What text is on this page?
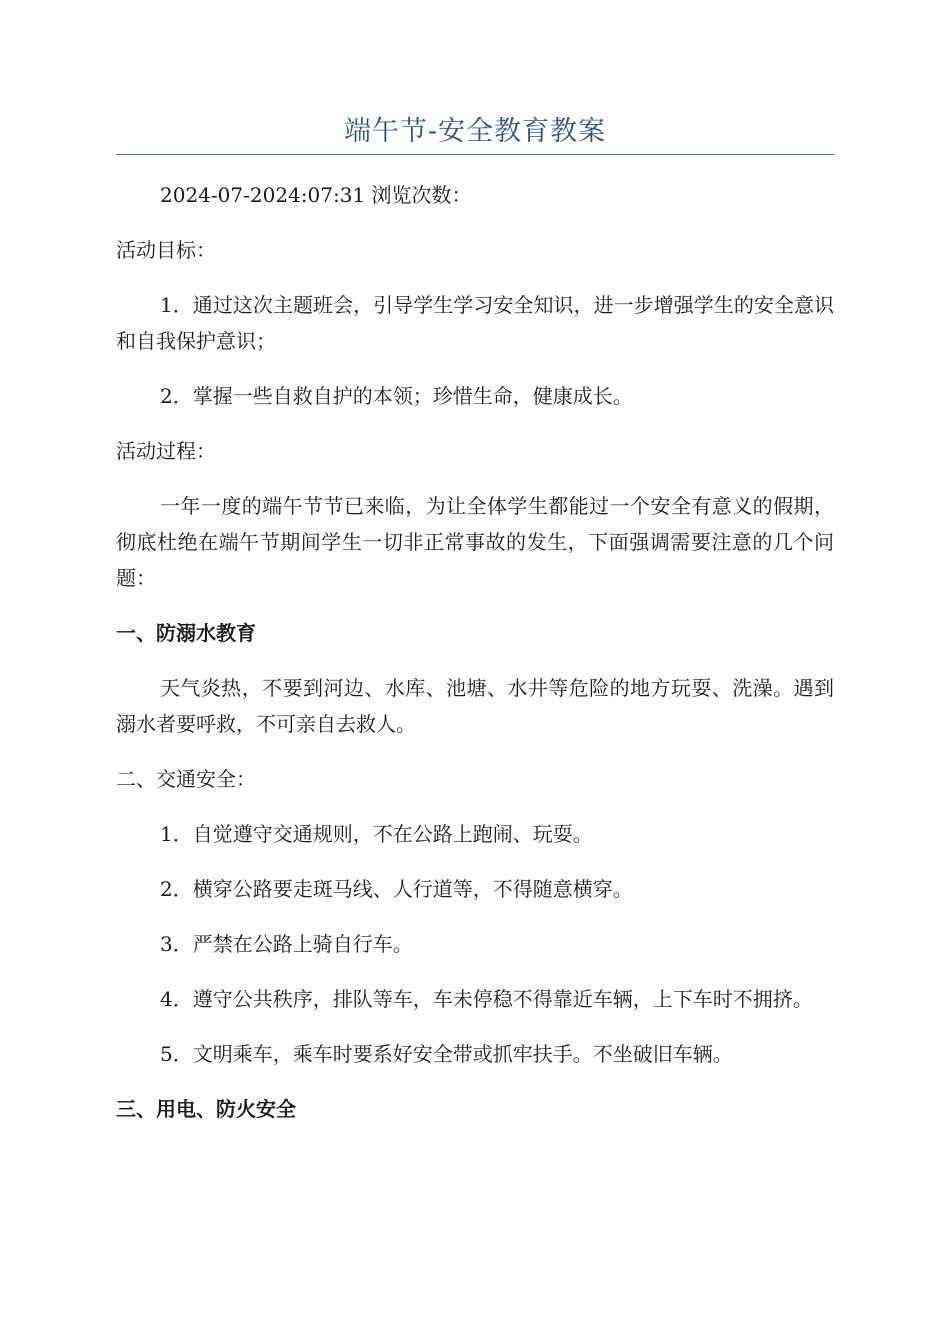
端午节-安全教育教案

2024-07-2024:07:31 浏览次数：

活动目标：

1．通过这次主题班会，引导学生学习安全知识，进一步增强学生的安全意识和自我保护意识；

2．掌握一些自救自护的本领；珍惜生命，健康成长。

活动过程：

一年一度的端午节节已来临，为让全体学生都能过一个安全有意义的假期，彻底杜绝在端午节期间学生一切非正常事故的发生，下面强调需要注意的几个问题：

一、防溺水教育

天气炎热，不要到河边、水库、池塘、水井等危险的地方玩耍、洗澡。遇到溺水者要呼救，不可亲自去救人。

二、交通安全：

1．自觉遵守交通规则，不在公路上跑闹、玩耍。

2．横穿公路要走斑马线、人行道等，不得随意横穿。

3．严禁在公路上骑自行车。

4．遵守公共秩序，排队等车，车未停稳不得靠近车辆，上下车时不拥挤。

5．文明乘车，乘车时要系好安全带或抓牢扶手。不坐破旧车辆。

三、用电、防火安全
